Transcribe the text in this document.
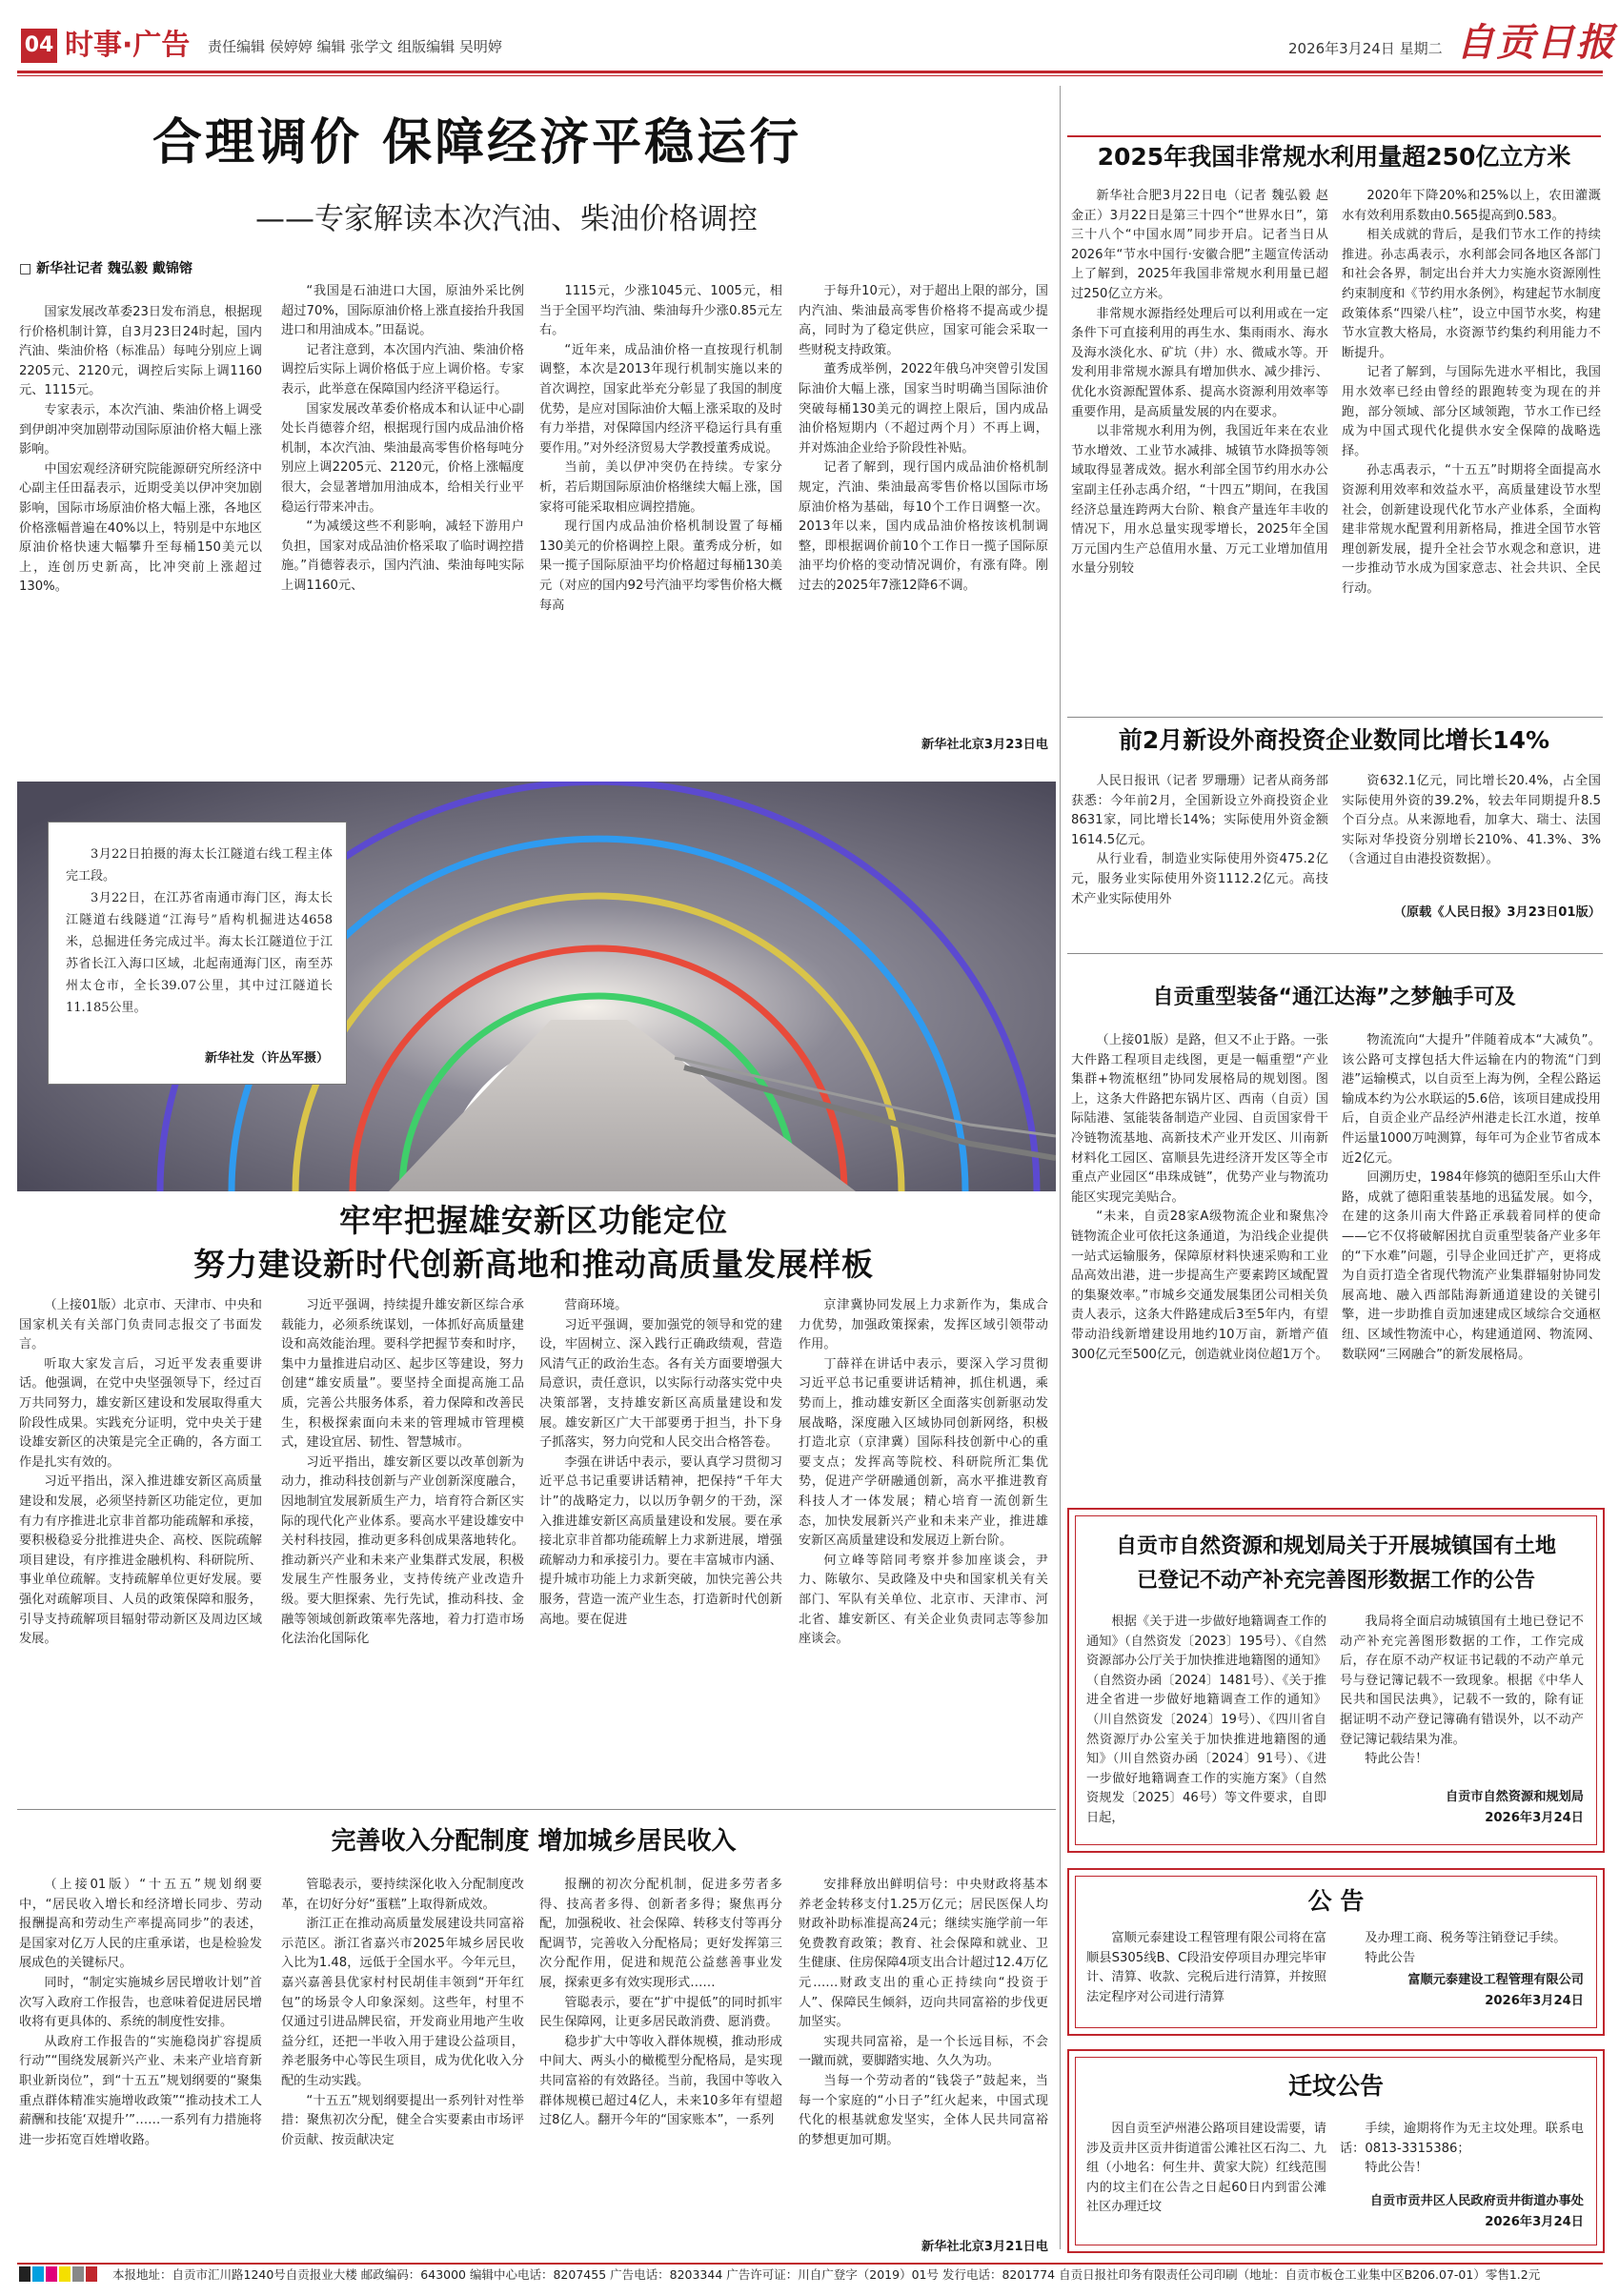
04 时事·广告 责任编辑 侯婷婷 编辑 张学文 组版编辑 吴明婷	2026年3月24日 星期二 自贡日报
合理调价 保障经济平稳运行
——专家解读本次汽油、柴油价格调控
□ 新华社记者 魏弘毅 戴锦镕

国家发展改革委23日发布消息，根据现行价格机制计算，自3月23日24时起，国内汽油、柴油价格（标准品）每吨分别应上调2205元、2120元，调控后实际上调1160元、1115元。

专家表示，本次汽油、柴油价格上调受到伊朗冲突加剧带动国际原油价格大幅上涨影响。

中国宏观经济研究院能源研究所经济中心副主任田磊表示，近期受美以伊冲突加剧影响，国际市场原油价格大幅上涨，各地区价格涨幅普遍在40%以上，特别是中东地区原油价格快速大幅攀升至每桶150美元以上，连创历史新高，比冲突前上涨超过130%。

“我国是石油进口大国，原油外采比例超过70%，国际原油价格上涨直接抬升我国进口和用油成本。”田磊说。

记者注意到，本次国内汽油、柴油价格调控后实际上调价格低于应上调价格。专家表示，此举意在保障国内经济平稳运行。

国家发展改革委价格成本和认证中心副处长肖德蓉介绍，根据现行国内成品油价格机制，本次汽油、柴油最高零售价格每吨分别应上调2205元、2120元，价格上涨幅度很大，会显著增加用油成本，给相关行业平稳运行带来冲击。

“为减缓这些不利影响，减轻下游用户负担，国家对成品油价格采取了临时调控措施。”肖德蓉表示，国内汽油、柴油每吨实际上调1160元、

1115元，少涨1045元、1005元，相当于全国平均汽油、柴油每升少涨0.85元左右。

“近年来，成品油价格一直按现行机制调整，本次是2013年现行机制实施以来的首次调控，国家此举充分彰显了我国的制度优势，是应对国际油价大幅上涨采取的及时有力举措，对保障国内经济平稳运行具有重要作用。”对外经济贸易大学教授董秀成说。

当前，美以伊冲突仍在持续。专家分析，若后期国际原油价格继续大幅上涨，国家将可能采取相应调控措施。

现行国内成品油价格机制设置了每桶130美元的价格调控上限。董秀成分析，如果一揽子国际原油平均价格超过每桶130美元（对应的国内92号汽油平均零售价格大概每高

于每升10元），对于超出上限的部分，国内汽油、柴油最高零售价格将不提高或少提高，同时为了稳定供应，国家可能会采取一些财税支持政策。

董秀成举例，2022年俄乌冲突曾引发国际油价大幅上涨，国家当时明确当国际油价突破每桶130美元的调控上限后，国内成品油价格短期内（不超过两个月）不再上调，并对炼油企业给予阶段性补贴。

记者了解到，现行国内成品油价格机制规定，汽油、柴油最高零售价格以国际市场原油价格为基础，每10个工作日调整一次。2013年以来，国内成品油价格按该机制调整，即根据调价前10个工作日一揽子国际原油平均价格的变动情况调价，有涨有降。刚过去的2025年7涨12降6不调。

新华社北京3月23日电

3月22日拍摄的海太长江隧道右线工程主体完工段。

3月22日，在江苏省南通市海门区，海太长江隧道右线隧道“江海号”盾构机掘进达4658米，总掘进任务完成过半。海太长江隧道位于江苏省长江入海口区域，北起南通海门区，南至苏州太仓市，全长39.07公里，其中过江隧道长11.185公里。

新华社发（许丛军摄）
牢牢把握雄安新区功能定位
努力建设新时代创新高地和推动高质量发展样板

（上接01版）北京市、天津市、中央和国家机关有关部门负责同志报交了书面发言。

听取大家发言后，习近平发表重要讲话。他强调，在党中央坚强领导下，经过百万共同努力，雄安新区建设和发展取得重大阶段性成果。实践充分证明，党中央关于建设雄安新区的决策是完全正确的，各方面工作是扎实有效的。

习近平指出，深入推进雄安新区高质量建设和发展，必须坚持新区功能定位，更加有力有序推进北京非首都功能疏解和承接，要积极稳妥分批推进央企、高校、医院疏解项目建设，有序推进金融机构、科研院所、事业单位疏解。支持疏解单位更好发展。要强化对疏解项目、人员的政策保障和服务，引导支持疏解项目辐射带动新区及周边区域发展。

习近平强调，持续提升雄安新区综合承载能力，必须系统谋划，一体抓好高质量建设和高效能治理。要科学把握节奏和时序，集中力量推进启动区、起步区等建设，努力创建“雄安质量”。要坚持全面提高施工品质，完善公共服务体系，着力保障和改善民生，积极探索面向未来的管理城市管理模式，建设宜居、韧性、智慧城市。

习近平指出，雄安新区要以改革创新为动力，推动科技创新与产业创新深度融合，因地制宜发展新质生产力，培育符合新区实际的现代化产业体系。要高水平建设雄安中关村科技园，推动更多科创成果落地转化。推动新兴产业和未来产业集群式发展，积极发展生产性服务业，支持传统产业改造升级。要大胆探索、先行先试，推动科技、金融等领域创新政策率先落地，着力打造市场化法治化国际化

营商环境。

习近平强调，要加强党的领导和党的建设，牢固树立、深入践行正确政绩观，营造风清气正的政治生态。各有关方面要增强大局意识，责任意识，以实际行动落实党中央决策部署，支持雄安新区高质量建设和发展。雄安新区广大干部要勇于担当，扑下身子抓落实，努力向党和人民交出合格答卷。

李强在讲话中表示，要认真学习贯彻习近平总书记重要讲话精神，把保持“千年大计”的战略定力，以以历争朝夕的干劲，深入推进雄安新区高质量建设和发展。要在承接北京非首都功能疏解上力求新进展，增强疏解动力和承接引力。要在丰富城市内涵、提升城市功能上力求新突破，加快完善公共服务，营造一流产业生态，打造新时代创新高地。要在促进

京津冀协同发展上力求新作为，集成合力优势，加强政策探索，发挥区域引领带动作用。

丁薛祥在讲话中表示，要深入学习贯彻习近平总书记重要讲话精神，抓住机遇，乘势而上，推动雄安新区全面落实创新驱动发展战略，深度融入区域协同创新网络，积极打造北京（京津冀）国际科技创新中心的重要支点；发挥高等院校、科研院所汇集优势，促进产学研融通创新，高水平推进教育科技人才一体发展；精心培育一流创新生态，加快发展新兴产业和未来产业，推进雄安新区高质量建设和发展迈上新台阶。

何立峰等陪同考察并参加座谈会，尹力、陈敏尔、吴政隆及中央和国家机关有关部门、军队有关单位、北京市、天津市、河北省、雄安新区、有关企业负责同志等参加座谈会。

完善收入分配制度 增加城乡居民收入

（上接01版）“十五五”规划纲要中，“居民收入增长和经济增长同步、劳动报酬提高和劳动生产率提高同步”的表述，是国家对亿万人民的庄重承诺，也是检验发展成色的关键标尺。

同时，“制定实施城乡居民增收计划”首次写入政府工作报告，也意味着促进居民增收将有更具体的、系统的制度性安排。

从政府工作报告的“实施稳岗扩容提质行动”“围绕发展新兴产业、未来产业培育新职业新岗位”，到“十五五”规划纲要的“聚集重点群体精准实施增收政策”“推动技术工人薪酬和技能‘双提升’”……一系列有力措施将进一步拓宽百姓增收路。

管聪表示，要持续深化收入分配制度改革，在切好分好“蛋糕”上取得新成效。

浙江正在推动高质量发展建设共同富裕示范区。浙江省嘉兴市2025年城乡居民收入比为1.48，远低于全国水平。今年元旦，嘉兴嘉善县优家村村民胡佳丰领到“开年红包”的场景令人印象深刻。这些年，村里不仅通过引进品牌民宿，开发商业用地产生收益分红，还把一半收入用于建设公益项目，养老服务中心等民生项目，成为优化收入分配的生动实践。

“十五五”规划纲要提出一系列针对性举措：聚焦初次分配，健全合实要素由市场评价贡献、按贡献决定

报酬的初次分配机制，促进多劳者多得、技高者多得、创新者多得；聚焦再分配，加强税收、社会保障、转移支付等再分配调节，完善收入分配格局；更好发挥第三次分配作用，促进和规范公益慈善事业发展，探索更多有效实现形式……

管聪表示，要在“扩中提低”的同时抓牢民生保障网，让更多居民敢消费、愿消费。

稳步扩大中等收入群体规模，推动形成中间大、两头小的橄榄型分配格局，是实现共同富裕的有效路径。当前，我国中等收入群体规模已超过4亿人，未来10多年有望超过8亿人。翻开今年的“国家账本”，一系列

安排释放出鲜明信号：中央财政将基本养老金转移支付1.25万亿元；居民医保人均财政补助标准提高24元；继续实施学前一年免费教育政策；教育、社会保障和就业、卫生健康、住房保障4项支出合计超过12.4万亿元……财政支出的重心正持续向“投资于人”、保障民生倾斜，迈向共同富裕的步伐更加坚实。

实现共同富裕，是一个长远目标，不会一蹴而就，要脚踏实地、久久为功。

当每一个劳动者的“钱袋子”鼓起来，当每一个家庭的“小日子”红火起来，中国式现代化的根基就愈发坚实，全体人民共同富裕的梦想更加可期。

新华社北京3月21日电
2025年我国非常规水利用量超250亿立方米

新华社合肥3月22日电（记者 魏弘毅 赵金正）3月22日是第三十四个“世界水日”，第三十八个“中国水周”同步开启。记者当日从2026年“节水中国行·安徽合肥”主题宣传活动上了解到，2025年我国非常规水利用量已超过250亿立方米。

非常规水源指经处理后可以利用或在一定条件下可直接利用的再生水、集雨雨水、海水及海水淡化水、矿坑（井）水、微咸水等。开发利用非常规水源具有增加供水、减少排污、优化水资源配置体系、提高水资源利用效率等重要作用，是高质量发展的内在要求。

以非常规水利用为例，我国近年来在农业节水增效、工业节水减排、城镇节水降损等领域取得显著成效。据水利部全国节约用水办公室副主任孙志禹介绍，“十四五”期间，在我国经济总量连跨两大台阶、粮食产量连年丰收的情况下，用水总量实现零增长，2025年全国万元国内生产总值用水量、万元工业增加值用水量分别较

2020年下降20%和25%以上，农田灌溉水有效利用系数由0.565提高到0.583。

相关成就的背后，是我们节水工作的持续推进。孙志禹表示，水利部会同各地区各部门和社会各界，制定出台并大力实施水资源刚性约束制度和《节约用水条例》，构建起节水制度政策体系“四梁八柱”，设立中国节水奖，构建节水宣教大格局，水资源节约集约利用能力不断提升。

记者了解到，与国际先进水平相比，我国用水效率已经由曾经的跟跑转变为现在的并跑，部分领域、部分区域领跑，节水工作已经成为中国式现代化提供水安全保障的战略选择。

孙志禹表示，“十五五”时期将全面提高水资源利用效率和效益水平，高质量建设节水型社会，创新建设现代化节水产业体系，全面构建非常规水配置利用新格局，推进全国节水管理创新发展，提升全社会节水观念和意识，进一步推动节水成为国家意志、社会共识、全民行动。

前2月新设外商投资企业数同比增长14%

人民日报讯（记者 罗珊珊）记者从商务部获悉：今年前2月，全国新设立外商投资企业8631家，同比增长14%；实际使用外资金额1614.5亿元。

从行业看，制造业实际使用外资475.2亿元，服务业实际使用外资1112.2亿元。高技术产业实际使用外

资632.1亿元，同比增长20.4%，占全国实际使用外资的39.2%，较去年同期提升8.5个百分点。从来源地看，加拿大、瑞士、法国实际对华投资分别增长210%、41.3%、3%（含通过自由港投资数据）。

（原载《人民日报》3月23日01版）
自贡重型装备“通江达海”之梦触手可及

（上接01版）是路，但又不止于路。一张大件路工程项目走线图，更是一幅重塑“产业集群+物流枢纽”协同发展格局的规划图。图上，这条大件路把东锅片区、西南（自贡）国际陆港、氢能装备制造产业园、自贡国家骨干冷链物流基地、高新技术产业开发区、川南新材料化工园区、富顺县先进经济开发区等全市重点产业园区“串珠成链”，优势产业与物流功能区实现完美贴合。

“未来，自贡28家A级物流企业和聚焦冷链物流企业可依托这条通道，为沿线企业提供一站式运输服务，保障原材料快速采购和工业品高效出港，进一步提高生产要素跨区域配置的集聚效率。”市城乡交通发展集团公司相关负责人表示，这条大件路建成后3至5年内，有望带动沿线新增建设用地约10万亩，新增产值300亿元至500亿元，创造就业岗位超1万个。

物流流向“大提升”伴随着成本“大减负”。该公路可支撑包括大件运输在内的物流“门到港”运输模式，以自贡至上海为例，全程公路运输成本约为公水联运的5.6倍，该项目建成投用后，自贡企业产品经泸州港走长江水道，按单件运量1000万吨测算，每年可为企业节省成本近2亿元。

回溯历史，1984年修筑的德阳至乐山大件路，成就了德阳重装基地的迅猛发展。如今，在建的这条川南大件路正承载着同样的使命——它不仅将破解困扰自贡重型装备产业多年的“下水难”问题，引导企业回迁扩产，更将成为自贡打造全省现代物流产业集群辐射协同发展高地、融入西部陆海新通道建设的关键引擎，进一步助推自贡加速建成区域综合交通枢纽、区域性物流中心，构建通道网、物流网、数联网“三网融合”的新发展格局。

自贡市自然资源和规划局关于开展城镇国有土地
已登记不动产补充完善图形数据工作的公告

根据《关于进一步做好地籍调查工作的通知》（自然资发〔2023〕195号）、《自然资源部办公厅关于加快推进地籍图的通知》（自然资办函〔2024〕1481号）、《关于推进全省进一步做好地籍调查工作的通知》（川自然资发〔2024〕19号）、《四川省自然资源厅办公室关于加快推进地籍图的通知》（川自然资办函〔2024〕91号）、《进一步做好地籍调查工作的实施方案》（自然资规发〔2025〕46号）等文件要求，自即日起，

我局将全面启动城镇国有土地已登记不动产补充完善图形数据的工作，工作完成后，存在原不动产权证书记载的不动产单元号与登记簿记载不一致现象。根据《中华人民共和国民法典》，记载不一致的，除有证据证明不动产登记簿确有错误外，以不动产登记簿记载结果为准。

特此公告！

自贡市自然资源和规划局
2026年3月24日
公 告

富顺元泰建设工程管理有限公司将在富顺县S305线B、C段沿安停项目办理完毕审计、清算、收款、完税后进行清算，并按照法定程序对公司进行清算

及办理工商、税务等注销登记手续。

特此公告

富顺元泰建设工程管理有限公司
2026年3月24日
迁坟公告

因自贡至泸州港公路项目建设需要，请涉及贡井区贡井街道雷公滩社区石沟二、九组（小地名：何生井、黄家大院）红线范围内的坟主们在公告之日起60日内到雷公滩社区办理迁坟

手续，逾期将作为无主坟处理。联系电话：0813-3315386；

特此公告！

自贡市贡井区人民政府贡井街道办事处
2026年3月24日
本报地址：自贡市汇川路1240号自贡报业大楼 邮政编码：643000 编辑中心电话：8207455 广告电话：8203344 广告许可证：川自广登字（2019）01号 发行电话：8201774 自贡日报社印务有限责任公司印刷（地址：自贡市板仓工业集中区B206.07-01）零售1.2元
